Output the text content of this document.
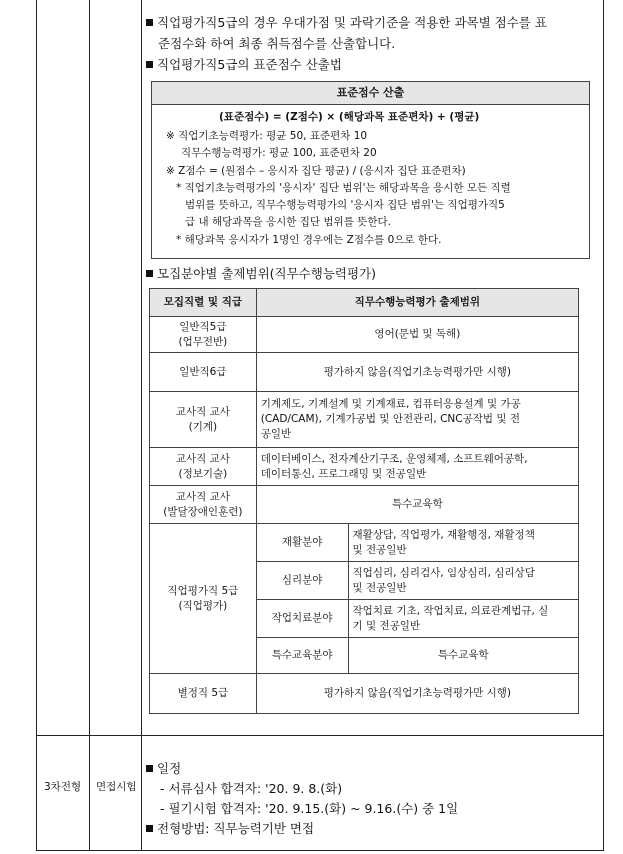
직업평가직5급의 경우 우대가점 및 과락기준을 적용한 과목별 점수를 표
준점수화 하여 최종 취득점수를 산출합니다.
직업평가직5급의 표준점수 산출법
표준점수 산출
(표준점수) = (Z점수) × (해당과목 표준편차) + (평균)
※ 직업기초능력평가: 평균 50, 표준편차 10
직무수행능력평가: 평균 100, 표준편차 20
※ Z점수 = (원점수 – 응시자 집단 평균) / (응시자 집단 표준편차)
* 직업기초능력평가의 '응시자' 집단 범위'는 해당과목을 응시한 모든 직렬
범위를 뜻하고, 직무수행능력평가의 '응시자 집단 범위'는 직업평가직5
급 내 해당과목을 응시한 집단 범위를 뜻한다.
* 해당과목 응시자가 1명인 경우에는 Z점수를 0으로 한다.
모집분야별 출제범위(직무수행능력평가)
모집직렬 및 직급	직무수행능력평가 출제범위	
일반직5급
(업무전반)	영어(문법 및 독해)	
일반직6급	평가하지 않음(직업기초능력평가만 시행)	
교사직 교사
(기계)	기계제도, 기계설계 및 기계재료, 컴퓨터응용설계 및 가공
(CAD/CAM), 기계가공법 및 안전관리, CNC공작법 및 전
공일반	
교사직 교사
(정보기술)	데이터베이스, 전자계산기구조, 운영체제, 소프트웨어공학,
데이터통신, 프로그래밍 및 전공일반	
교사직 교사
(발달장애인훈련)	특수교육학	
직업평가직 5급
(직업평가)	재활분야	재활상담, 직업평가, 재활행정, 재활정책
및 전공일반
	심리분야	직업심리, 심리검사, 임상심리, 심리상담
및 전공일반
	작업치료분야	작업치료 기초, 작업치료, 의료관계법규, 실
기 및 전공일반
	특수교육분야	특수교육학
별정직 5급	평가하지 않음(직업기초능력평가만 시행)	
3차전형 면접시험
일정
- 서류심사 합격자: '20. 9. 8.(화)
- 필기시험 합격자: '20. 9.15.(화) ~ 9.16.(수) 중 1일
전형방법: 직무능력기반 면접
